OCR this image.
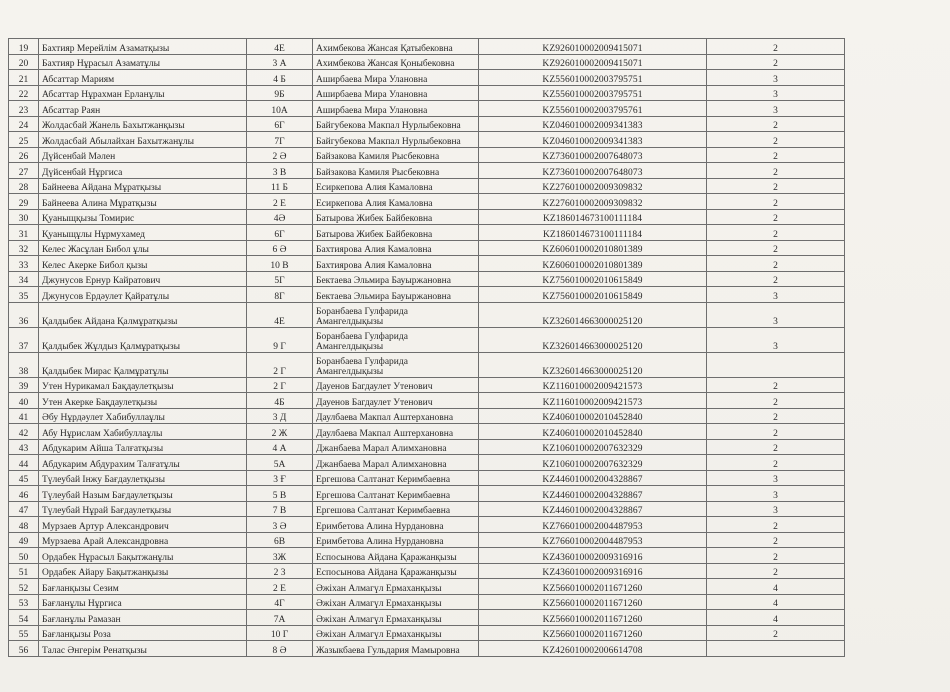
19	Бахтияр Мерейлім Азаматқызы	4Е	Ахимбекова Жансая Қатыбековна	KZ926010002009415071	2
20	Бахтияр Нұрасыл Азаматұлы	3 А	Ахимбекова Жансая Қоныбековна	KZ926010002009415071	2
21	Абсаттар Мариям	4 Б	Аширбаева Мира Улановна	KZ556010002003795751	3
22	Абсаттар Нұрахман Ерланұлы	9Б	Аширбаева Мира Улановна	KZ556010002003795751	3
23	Абсаттар Раян	10А	Аширбаева Мира Улановна	KZ556010002003795761	3
24	Жолдасбай Жанель Бахытжанқызы	6Г	Байгубекова Макпал Нурлыбековна	KZ046010002009341383	2
25	Жолдасбай Абылайхан Бахытжанұлы	7Г	Байгубекова Макпал Нурлыбековна	KZ046010002009341383	2
26	Дүйсенбай Мәлен	2 Ә	Байзакова Камиля Рысбековна	KZ736010002007648073	2
27	Дүйсенбай Нұргиса	3 В	Байзакова Камиля Рысбековна	KZ736010002007648073	2
28	Байнеева Айдана Мұратқызы	11 Б	Есиркепова Алия Камаловна	KZ276010002009309832	2
29	Байнеева Алина Мұратқызы	2 Е	Есиркепова Алия Камаловна	KZ276010002009309832	2
30	Қуаныщқызы Томирис	4Ә	Батырова Жибек Байбековна	KZ186014673100111184	2
31	Қуаныщұлы Нұрмухамед	6Г	Батырова Жибек Байбековна	KZ186014673100111184	2
32	Келес Жасұлан Бибол ұлы	6 Ә	Бахтиярова Алия Камаловна	KZ606010002010801389	2
33	Келес Акерке Бибол қызы	10 В	Бахтиярова Алия Камаловна	KZ606010002010801389	2
34	Джунусов Ернур Кайратович	5Г	Бектаева Эльмира Бауыржановна	KZ756010002010615849	2
35	Джунусов Ердәулет Қайратұлы	8Г	Бектаева Эльмира Бауыржановна	KZ756010002010615849	3
36	Қалдыбек Айдана Қалмұратқызы	4Е	Боранбаева Гулфарида Амангелдықызы	KZ326014663000025120	3
37	Қалдыбек Жұлдыз Қалмұратқызы	9 Г	Боранбаева Гулфарида Амангелдықызы	KZ326014663000025120	3
38	Қалдыбек Мирас Қалмұратұлы	2 Г	Боранбаева Гулфарида Амангелдықызы	KZ326014663000025120	
39	Утен Нурикамал Бақдаулетқызы	2 Г	Дауенов Багдаулет Утенович	KZ116010002009421573	2
40	Утен Акерке Бақдаулетқызы	4Б	Дауенов Багдаулет Утенович	KZ116010002009421573	2
41	Әбу Нұрдәулет Хабибуллаұлы	3 Д	Даулбаева Макпал Аштерхановна	KZ406010002010452840	2
42	Абу Нұрислам Хабибуллаұлы	2 Ж	Даулбаева Макпал Аштерхановна	KZ406010002010452840	2
43	Абдукарим Айша Талғатқызы	4 А	Джанбаева Марал Алимхановна	KZ106010002007632329	2
44	Абдукарим Абдурахим Талғатұлы	5А	Джанбаева Марал Алимхановна	KZ106010002007632329	2
45	Түлеубай Інжу Бағдаулетқызы	3 Ғ	Ергешова Салтанат Керимбаевна	KZ446010002004328867	3
46	Түлеубай Назым Бағдаулетқызы	5 В	Ергешова Салтанат Керимбаевна	KZ446010002004328867	3
47	Түлеубай Нұрай Бағдаулетқызы	7 В	Ергешова Салтанат Керимбаевна	KZ446010002004328867	3
48	Мурзаев Артур Александрович	3 Ә	Еримбетова Алина Нурдановна	KZ766010002004487953	2
49	Мурзаева Арай Александровна	6В	Еримбетова Алина Нурдановна	KZ766010002004487953	2
50	Ордабек Нұрасыл Бақытжанұлы	3Ж	Еспосынова Айдана Қаражанқызы	KZ436010002009316916	2
51	Ордабек Айару Бақытжанқызы	2 3	Еспосынова Айдана Қаражанқызы	KZ436010002009316916	2
52	Бағланқызы Сезим	2 Е	Әжіхан Алмагүл Ермаханқызы	KZ566010002011671260	4
53	Бағланұлы Нұргиса	4Г	Әжіхан Алмагүл Ермаханқызы	KZ566010002011671260	4
54	Бағланұлы Рамазан	7А	Әжіхан Алмагүл Ермаханқызы	KZ566010002011671260	4
55	Бағланқызы Роза	10 Г	Әжіхан Алмагүл Ермаханқызы	KZ566010002011671260	2
56	Талас Әнгерім Ренатқызы	8 Ә	Жазыкбаева Гульдария Мамыровна	KZ426010002006614708	
